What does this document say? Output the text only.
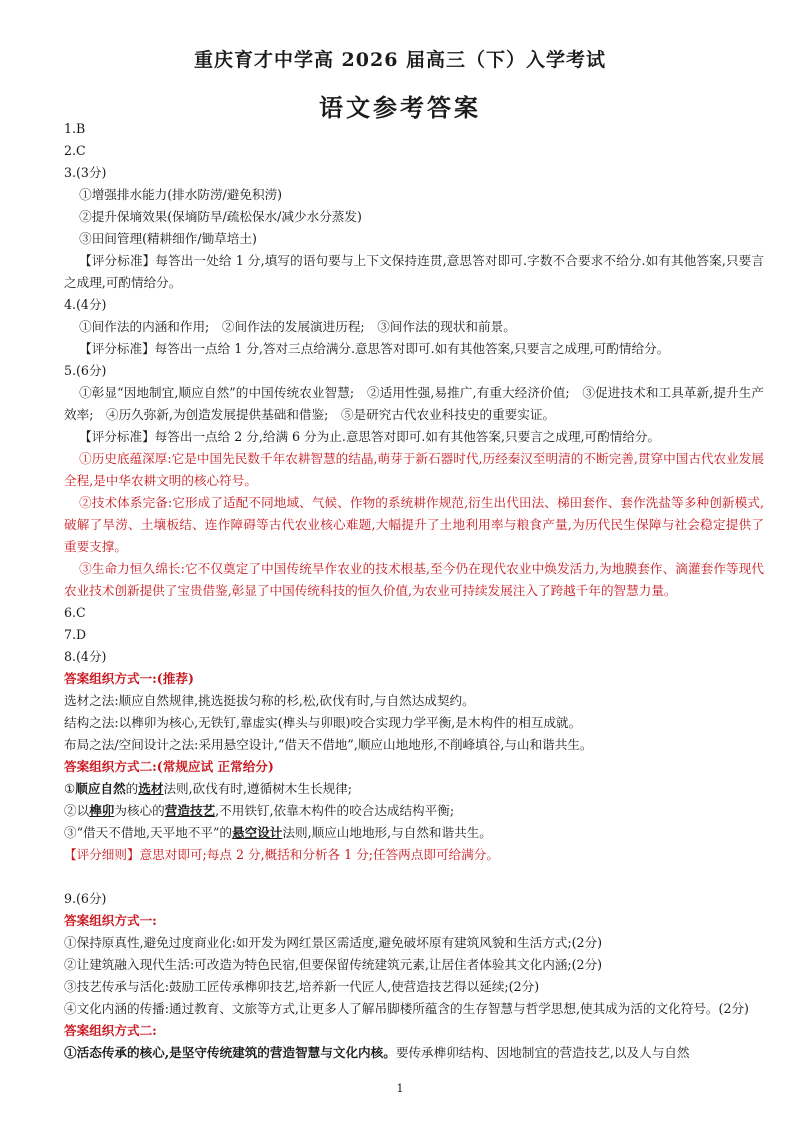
重庆育才中学高 2026 届高三（下）入学考试
语文参考答案
1.B
2.C
3.(3分)
①增强排水能力(排水防涝/避免积涝)
②提升保墒效果(保墒防旱/疏松保水/减少水分蒸发)
③田间管理(精耕细作/锄草培土)
【评分标准】每答出一处给 1 分,填写的语句要与上下文保持连贯,意思答对即可.字数不合要求不给分.如有其他答案,只要言之成理,可酌情给分。
4.(4分)
①间作法的内涵和作用;　②间作法的发展演进历程;　③间作法的现状和前景。
【评分标准】每答出一点给 1 分,答对三点给满分.意思答对即可.如有其他答案,只要言之成理,可酌情给分。
5.(6分)
①彰显“因地制宜,顺应自然”的中国传统农业智慧;　②适用性强,易推广,有重大经济价值;　③促进技术和工具革新,提升生产效率;　④历久弥新,为创造发展提供基础和借鉴;　⑤是研究古代农业科技史的重要实证。
【评分标准】每答出一点给 2 分,给满 6 分为止.意思答对即可.如有其他答案,只要言之成理,可酌情给分。
①历史底蕴深厚:它是中国先民数千年农耕智慧的结晶,萌芽于新石器时代,历经秦汉至明清的不断完善,贯穿中国古代农业发展全程,是中华农耕文明的核心符号。
②技术体系完备:它形成了适配不同地域、气候、作物的系统耕作规范,衍生出代田法、梯田套作、套作洗盐等多种创新模式,破解了旱涝、土壤板结、连作障碍等古代农业核心难题,大幅提升了土地利用率与粮食产量,为历代民生保障与社会稳定提供了重要支撑。
③生命力恒久绵长:它不仅奠定了中国传统旱作农业的技术根基,至今仍在现代农业中焕发活力,为地膜套作、滴灌套作等现代农业技术创新提供了宝贵借鉴,彰显了中国传统科技的恒久价值,为农业可持续发展注入了跨越千年的智慧力量。
6.C
7.D
8.(4分)
答案组织方式一:(推荐)
选材之法:顺应自然规律,挑选挺拔匀称的杉,松,砍伐有时,与自然达成契约。
结构之法:以榫卯为核心,无铁钉,靠虚实(榫头与卯眼)咬合实现力学平衡,是木构件的相互成就。
布局之法/空间设计之法:采用悬空设计,“借天不借地”,顺应山地地形,不削峰填谷,与山和谐共生。
答案组织方式二:(常规应试 正常给分)
①顺应自然的选材法则,砍伐有时,遵循树木生长规律;
②以榫卯为核心的营造技艺,不用铁钉,依靠木构件的咬合达成结构平衡;
③“借天不借地,天平地不平”的悬空设计法则,顺应山地地形,与自然和谐共生。
【评分细则】意思对即可;每点 2 分,概括和分析各 1 分;任答两点即可给满分。
9.(6分)
答案组织方式一:
①保持原真性,避免过度商业化:如开发为网红景区需适度,避免破坏原有建筑风貌和生活方式;(2分)
②让建筑融入现代生活:可改造为特色民宿,但要保留传统建筑元素,让居住者体验其文化内涵;(2分)
③技艺传承与活化:鼓励工匠传承榫卯技艺,培养新一代匠人,使营造技艺得以延续;(2分)
④文化内涵的传播:通过教育、文旅等方式,让更多人了解吊脚楼所蕴含的生存智慧与哲学思想,使其成为活的文化符号。(2分)
答案组织方式二:
①活态传承的核心,是坚守传统建筑的营造智慧与文化内核。要传承榫卯结构、因地制宜的营造技艺,以及人与自然
1
